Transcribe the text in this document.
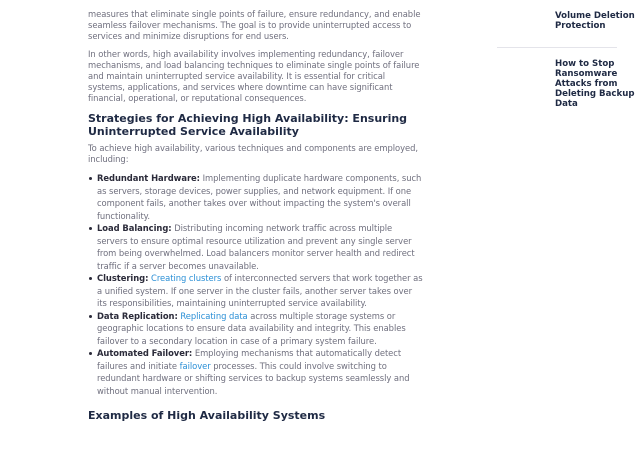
measures that eliminate single points of failure, ensure redundancy, and enable seamless failover mechanisms. The goal is to provide uninterrupted access to services and minimize disruptions for end users.

In other words, high availability involves implementing redundancy, failover mechanisms, and load balancing techniques to eliminate single points of failure and maintain uninterrupted service availability. It is essential for critical systems, applications, and services where downtime can have significant financial, operational, or reputational consequences.

Strategies for Achieving High Availability: Ensuring Uninterrupted Service Availability

To achieve high availability, various techniques and components are employed, including:

Redundant Hardware: Implementing duplicate hardware components, such as servers, storage devices, power supplies, and network equipment. If one component fails, another takes over without impacting the system's overall functionality.
Load Balancing: Distributing incoming network traffic across multiple servers to ensure optimal resource utilization and prevent any single server from being overwhelmed. Load balancers monitor server health and redirect traffic if a server becomes unavailable.
Clustering: Creating clusters of interconnected servers that work together as a unified system. If one server in the cluster fails, another server takes over its responsibilities, maintaining uninterrupted service availability.
Data Replication: Replicating data across multiple storage systems or geographic locations to ensure data availability and integrity. This enables failover to a secondary location in case of a primary system failure.
Automated Failover: Employing mechanisms that automatically detect failures and initiate failover processes. This could involve switching to redundant hardware or shifting services to backup systems seamlessly and without manual intervention.
Examples of High Availability Systems
Volume Deletion Protection
How to Stop Ransomware Attacks from Deleting Backup Data
